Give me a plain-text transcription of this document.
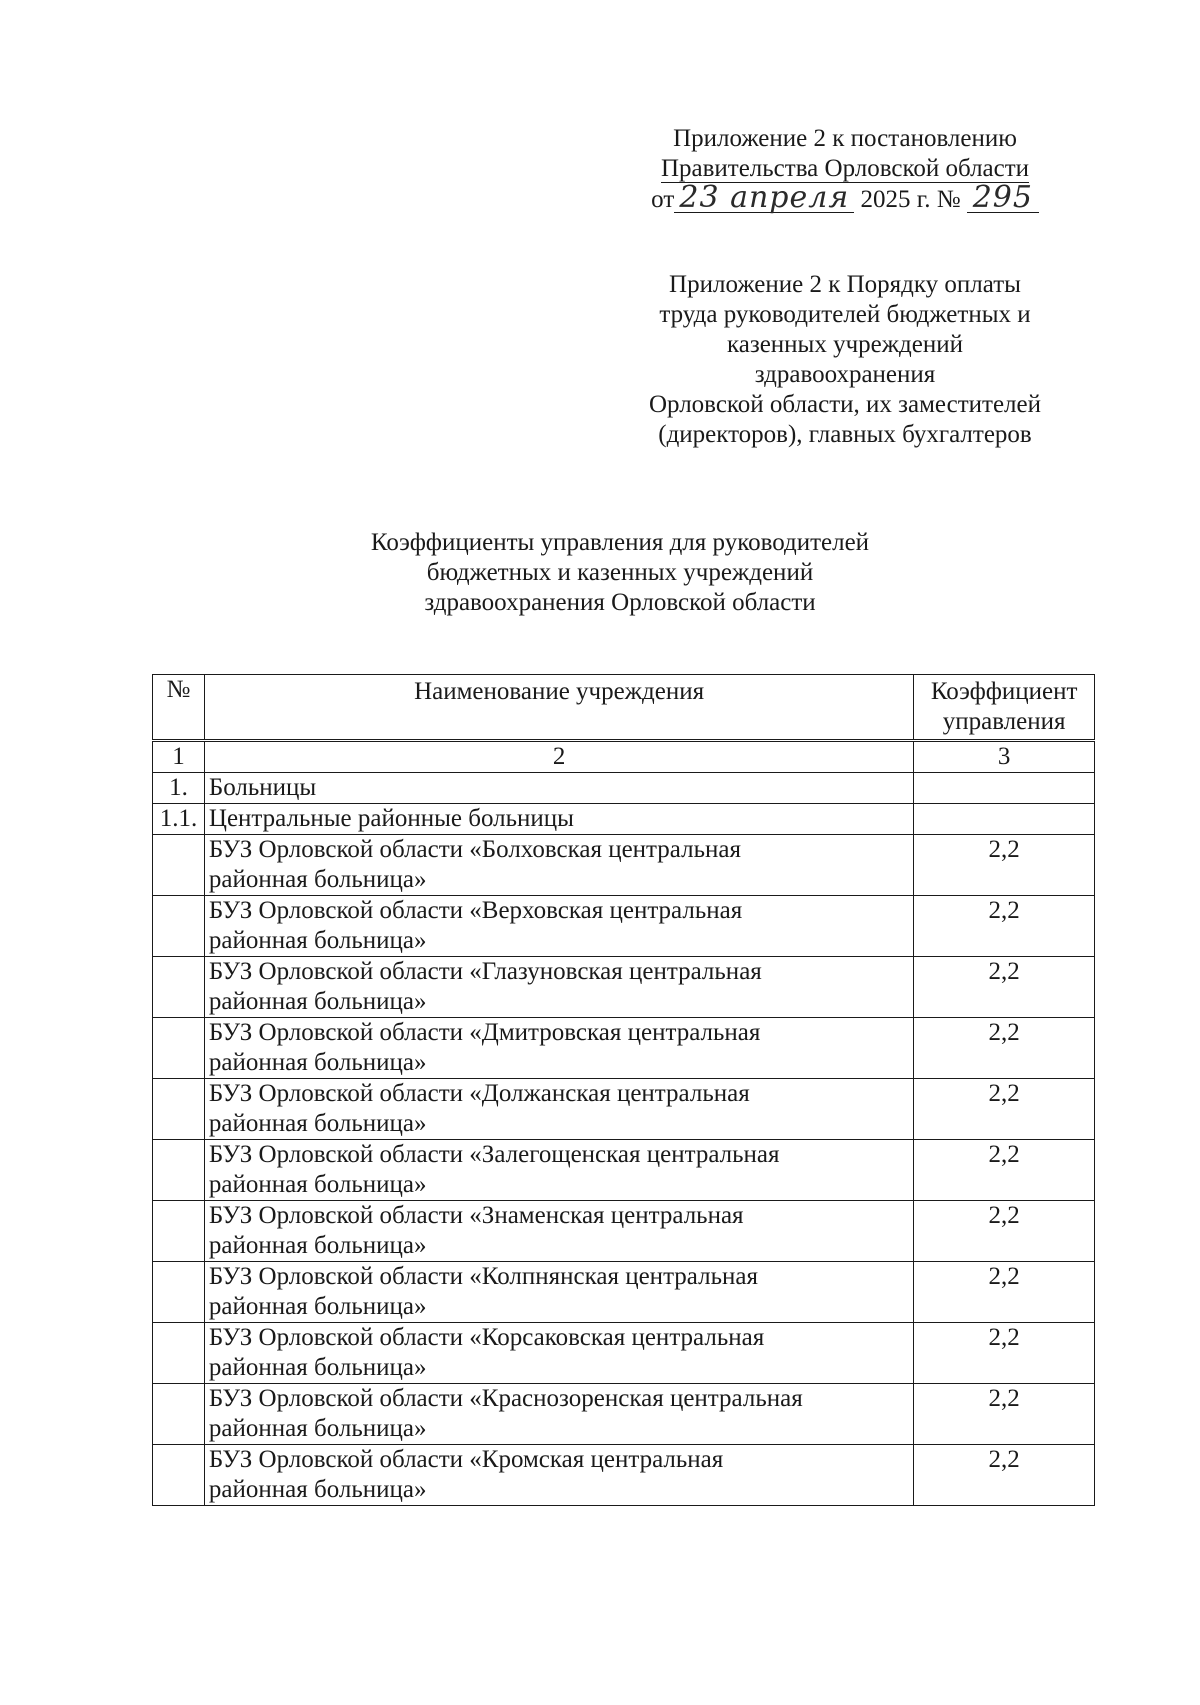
Приложение 2 к постановлению
Правительства Орловской области
от 23 апреля 2025 г. № 295
Приложение 2 к Порядку оплаты
труда руководителей бюджетных и
казенных учреждений
здравоохранения
Орловской области, их заместителей
(директоров), главных бухгалтеров
Коэффициенты управления для руководителей
бюджетных и казенных учреждений
здравоохранения Орловской области
№	Наименование учреждения	Коэффициент
управления
1	2	3
1.	Больницы	
1.1.	Центральные районные больницы	
	БУЗ Орловской области «Болховская центральная
районная больница»	2,2
	БУЗ Орловской области «Верховская центральная
районная больница»	2,2
	БУЗ Орловской области «Глазуновская центральная
районная больница»	2,2
	БУЗ Орловской области «Дмитровская центральная
районная больница»	2,2
	БУЗ Орловской области «Должанская центральная
районная больница»	2,2
	БУЗ Орловской области «Залегощенская центральная
районная больница»	2,2
	БУЗ Орловской области «Знаменская центральная
районная больница»	2,2
	БУЗ Орловской области «Колпнянская центральная
районная больница»	2,2
	БУЗ Орловской области «Корсаковская центральная
районная больница»	2,2
	БУЗ Орловской области «Краснозоренская центральная
районная больница»	2,2
	БУЗ Орловской области «Кромская центральная
районная больница»	2,2
